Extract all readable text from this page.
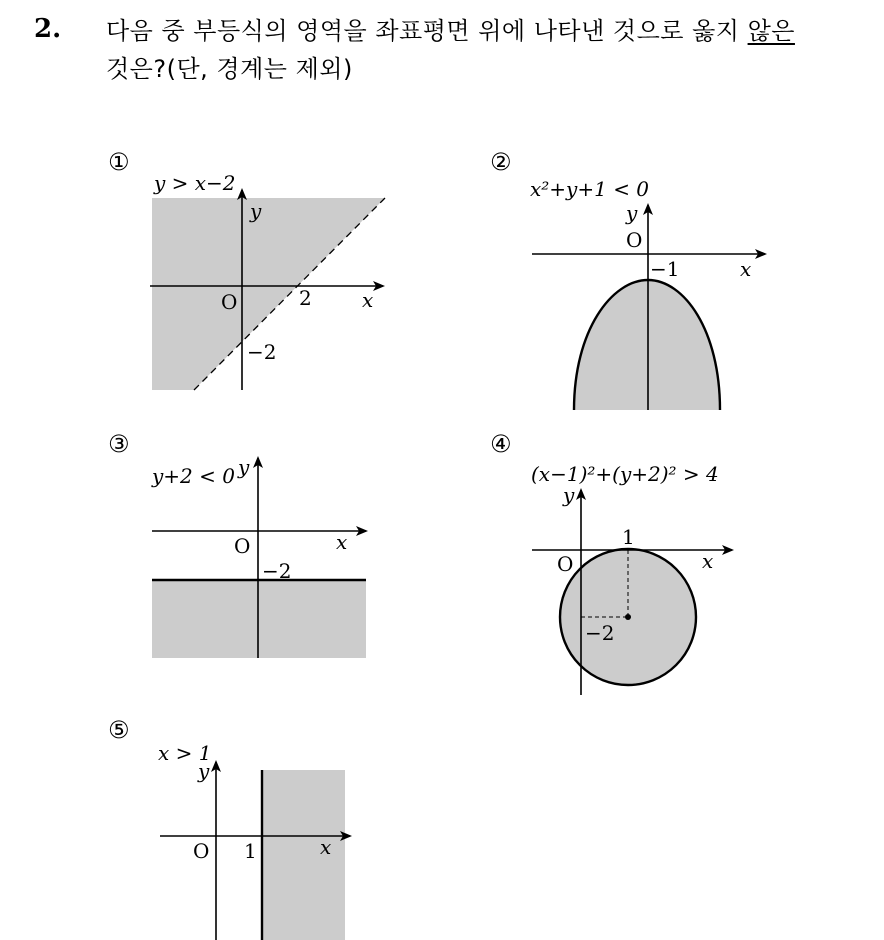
2. 다음 중 부등식의 영역을 좌표평면 위에 나타낸 것으로 옳지 않은
것은?(단, 경계는 제외)
①	②
③	④
⑤
y > x−2
y
x
O	2
−2
x²+y+1 < 0
y
x
O
−1
y+2 < 0 y
x
O
−2
(x−1)²+(y+2)² > 4
y
x
O
1
−2
x > 1
y
x
O 1
